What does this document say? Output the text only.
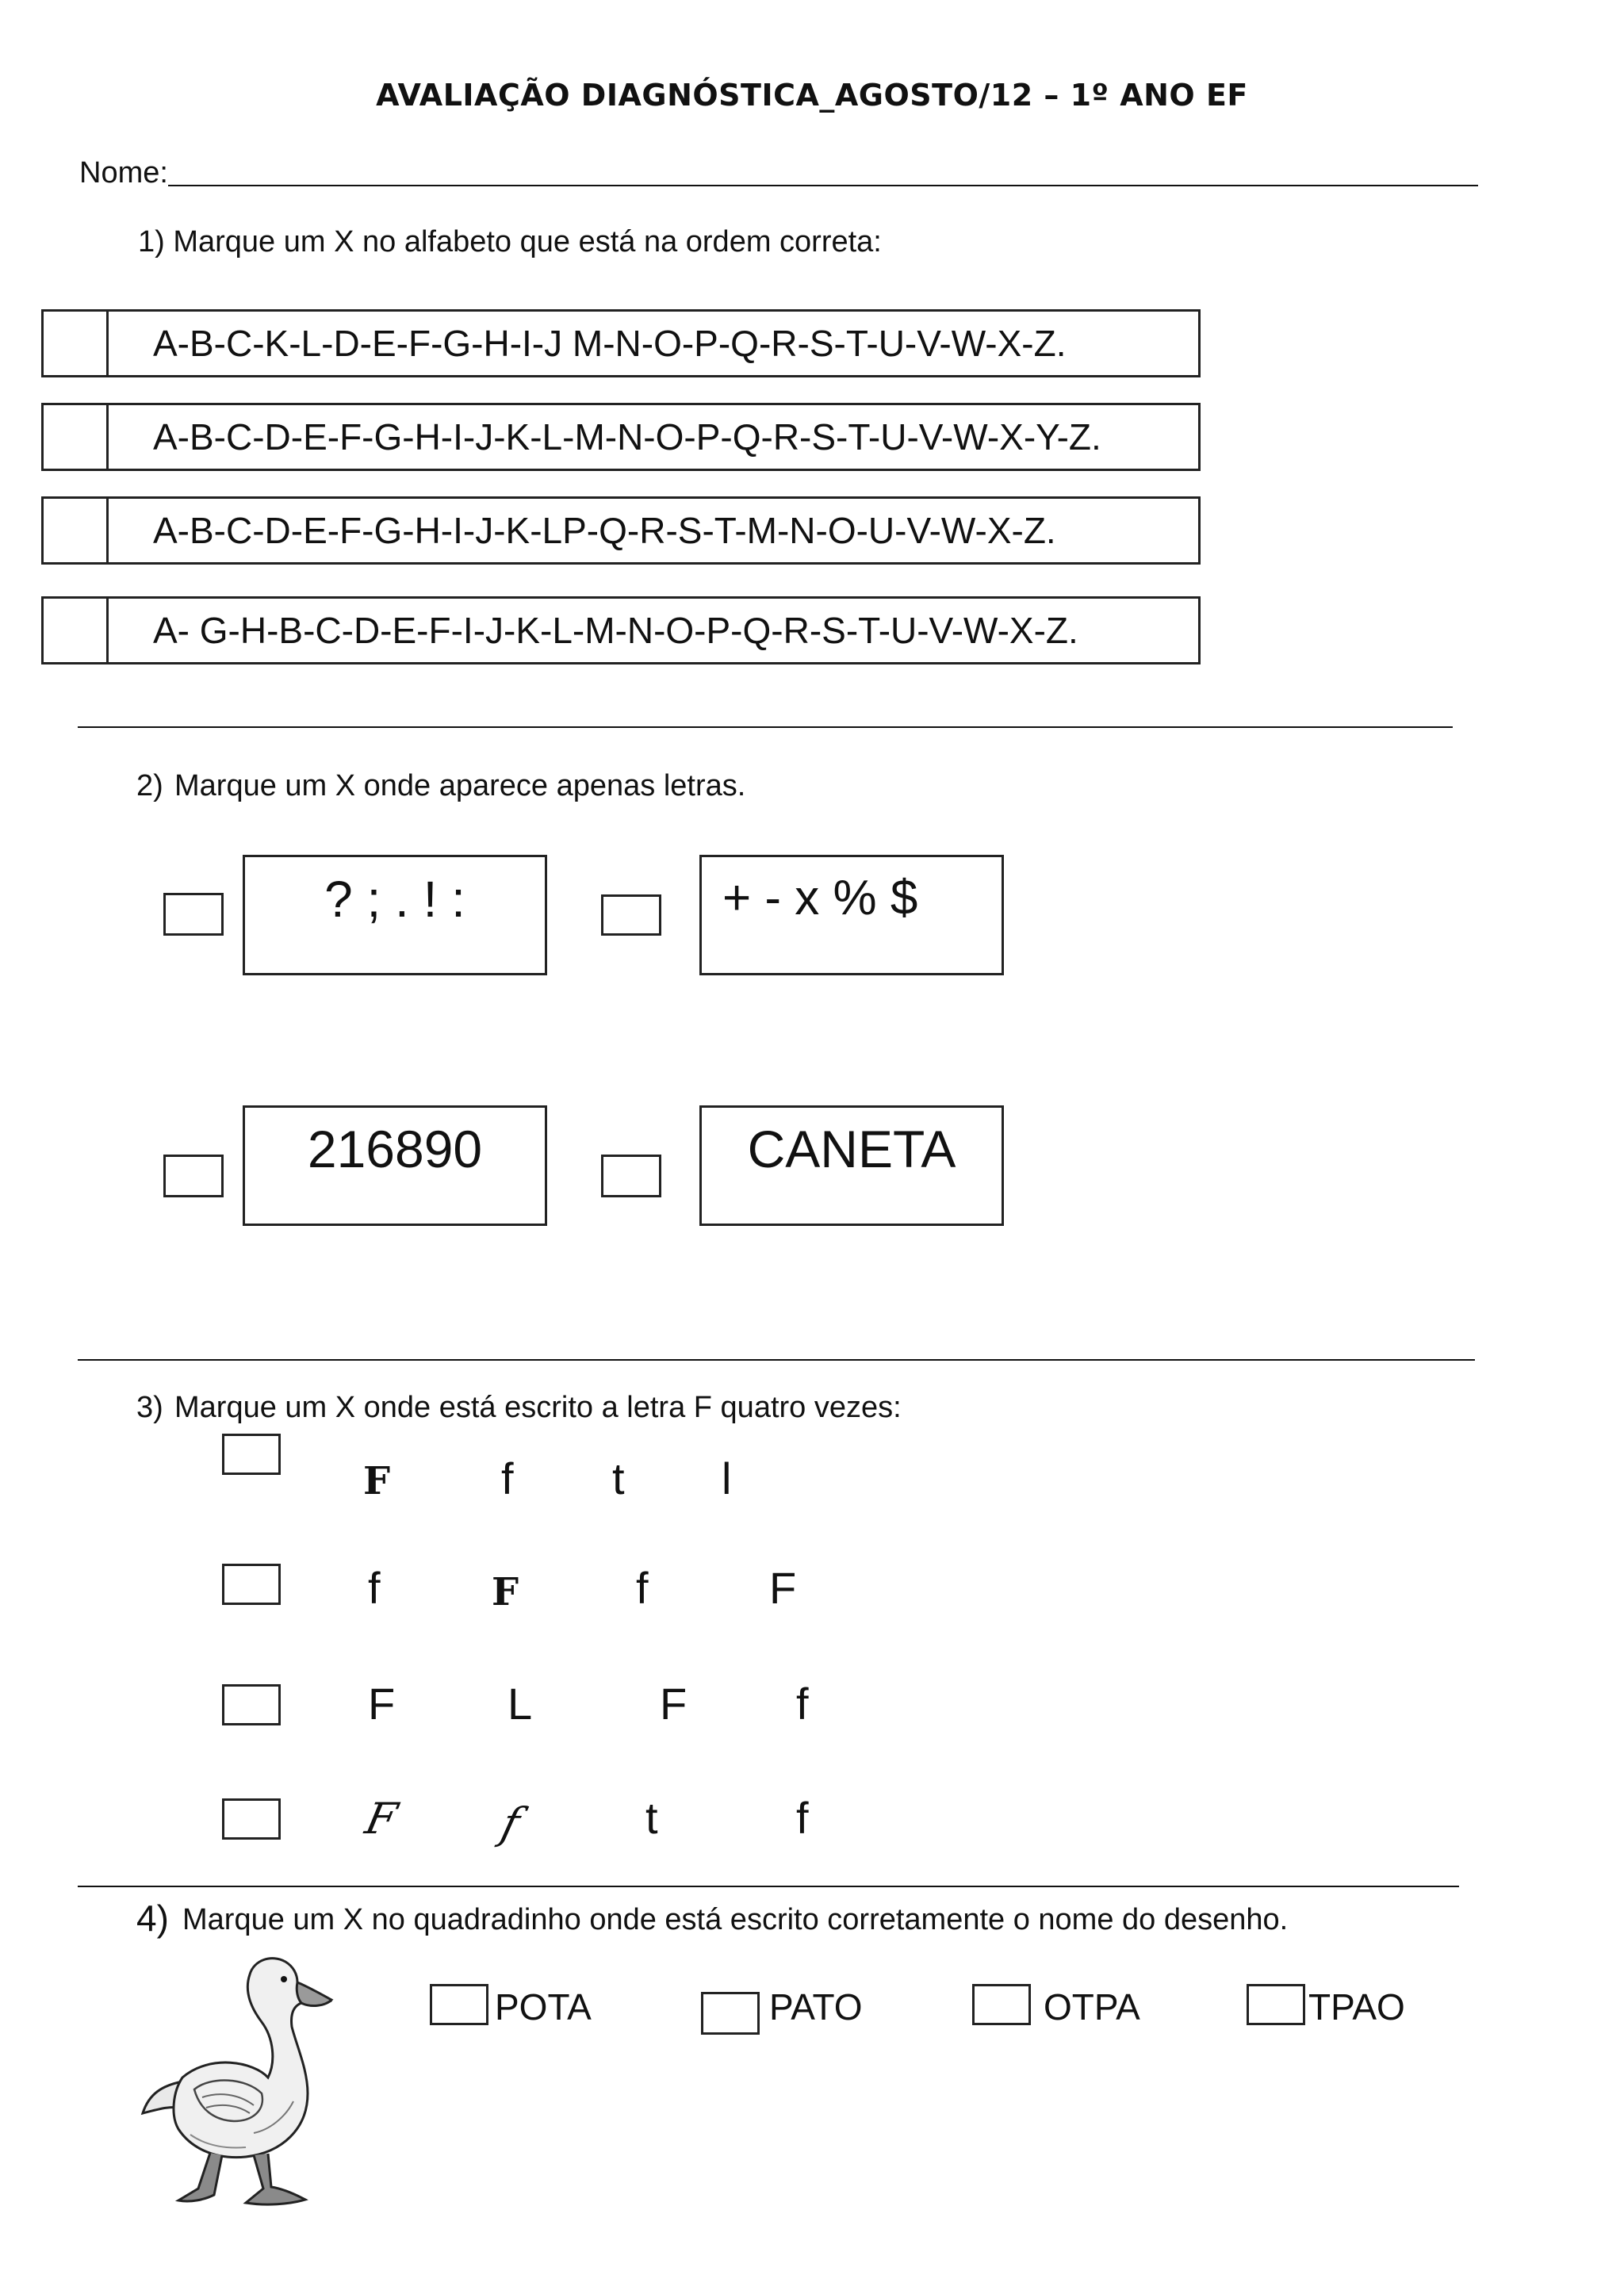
AVALIAÇÃO DIAGNÓSTICA_AGOSTO/12 – 1º ANO EF
Nome:
1) Marque um X no alfabeto que está na ordem correta:
A-B-C-K-L-D-E-F-G-H-I-J M-N-O-P-Q-R-S-T-U-V-W-X-Z.
A-B-C-D-E-F-G-H-I-J-K-L-M-N-O-P-Q-R-S-T-U-V-W-X-Y-Z.
A-B-C-D-E-F-G-H-I-J-K-LP-Q-R-S-T-M-N-O-U-V-W-X-Z.
A- G-H-B-C-D-E-F-I-J-K-L-M-N-O-P-Q-R-S-T-U-V-W-X-Z.
2) Marque um X onde aparece apenas letras.
? ; . ! :	+ - x % $
216890	CANETA
3) Marque um X onde está escrito a letra F quatro vezes:
F f t l
f	F	f	F
F	L	F f
F f	t	f
4) Marque um X no quadradinho onde está escrito corretamente o nome do desenho.
POTA	PATO	OTPA	TPAO
